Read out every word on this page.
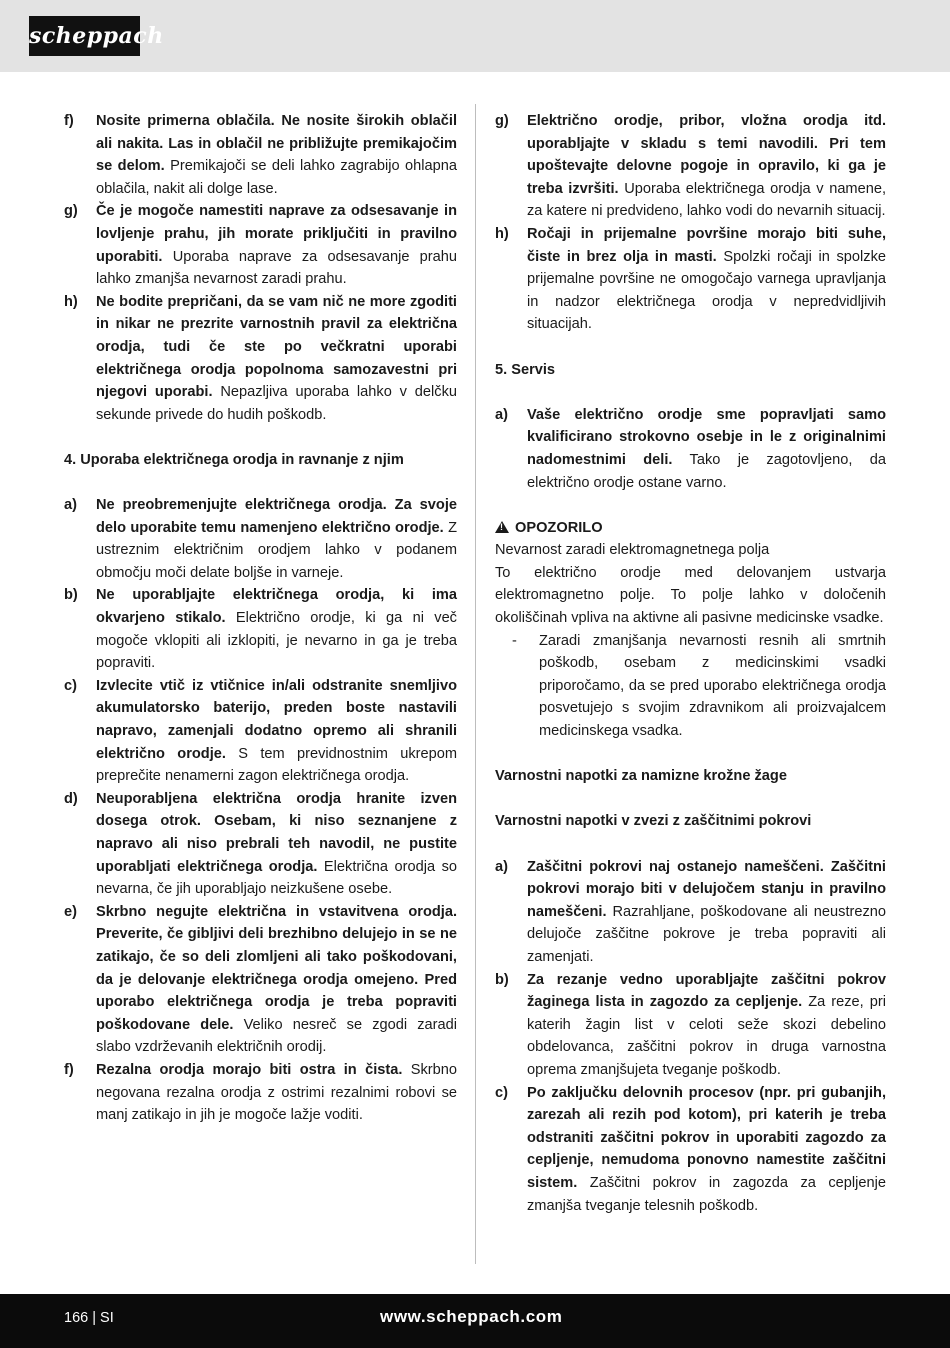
scheppach
f)	Nosite primerna oblačila. Ne nosite širokih oblačil ali nakita. Las in oblačil ne približujte premikajočim se delom. Premikajoči se deli lahko zagrabijo ohlapna oblačila, nakit ali dolge lase.
g)	Če je mogoče namestiti naprave za odsesavanje in lovljenje prahu, jih morate priključiti in pravilno uporabiti. Uporaba naprave za odsesavanje prahu lahko zmanjša nevarnost zaradi prahu.
h)	Ne bodite prepričani, da se vam nič ne more zgoditi in nikar ne prezrite varnostnih pravil za električna orodja, tudi če ste po večkratni uporabi električnega orodja popolnoma samozavestni pri njegovi uporabi. Nepazljiva uporaba lahko v delčku sekunde privede do hudih poškodb.
4. Uporaba električnega orodja in ravnanje z njim
a)	Ne preobremenjujte električnega orodja. Za svoje delo uporabite temu namenjeno električno orodje. Z ustreznim električnim orodjem lahko v podanem območju moči delate boljše in varneje.
b)	Ne uporabljajte električnega orodja, ki ima okvarjeno stikalo. Električno orodje, ki ga ni več mogoče vklopiti ali izklopiti, je nevarno in ga je treba popraviti.
c)	Izvlecite vtič iz vtičnice in/ali odstranite snemljivo akumulatorsko baterijo, preden boste nastavili napravo, zamenjali dodatno opremo ali shranili električno orodje. S tem previdnostnim ukrepom preprečite nenamerni zagon električnega orodja.
d)	Neuporabljena električna orodja hranite izven dosega otrok. Osebam, ki niso seznanjene z napravo ali niso prebrali teh navodil, ne pustite uporabljati električnega orodja. Električna orodja so nevarna, če jih uporabljajo neizkušene osebe.
e)	Skrbno negujte električna in vstavitvena orodja. Preverite, če gibljivi deli brezhibno delujejo in se ne zatikajo, če so deli zlomljeni ali tako poškodovani, da je delovanje električnega orodja omejeno. Pred uporabo električnega orodja je treba popraviti poškodovane dele. Veliko nesreč se zgodi zaradi slabo vzdrževanih električnih orodij.
f)	Rezalna orodja morajo biti ostra in čista. Skrbno negovana rezalna orodja z ostrimi rezalnimi robovi se manj zatikajo in jih je mogoče lažje voditi.
g)	Električno orodje, pribor, vložna orodja itd. uporabljajte v skladu s temi navodili. Pri tem upoštevajte delovne pogoje in opravilo, ki ga je treba izvršiti. Uporaba električnega orodja v namene, za katere ni predvideno, lahko vodi do nevarnih situacij.
h)	Ročaji in prijemalne površine morajo biti suhe, čiste in brez olja in masti. Spolzki ročaji in spolzke prijemalne površine ne omogočajo varnega upravljanja in nadzor električnega orodja v nepredvidljivih situacijah.
5. Servis
a)	Vaše električno orodje sme popravljati samo kvalificirano strokovno osebje in le z originalnimi nadomestnimi deli. Tako je zagotovljeno, da električno orodje ostane varno.
!OPOZORILO
Nevarnost zaradi elektromagnetnega polja
To električno orodje med delovanjem ustvarja elektromagnetno polje. To polje lahko v določenih okoliščinah vpliva na aktivne ali pasivne medicinske vsadke.
-	Zaradi zmanjšanja nevarnosti resnih ali smrtnih poškodb, osebam z medicinskimi vsadki priporočamo, da se pred uporabo električnega orodja posvetujejo s svojim zdravnikom ali proizvajalcem medicinskega vsadka.
Varnostni napotki za namizne krožne žage
Varnostni napotki v zvezi z zaščitnimi pokrovi
a)	Zaščitni pokrovi naj ostanejo nameščeni. Zaščitni pokrovi morajo biti v delujočem stanju in pravilno nameščeni. Razrahljane, poškodovane ali neustrezno delujoče zaščitne pokrove je treba popraviti ali zamenjati.
b)	Za rezanje vedno uporabljajte zaščitni pokrov žaginega lista in zagozdo za cepljenje. Za reze, pri katerih žagin list v celoti seže skozi debelino obdelovanca, zaščitni pokrov in druga varnostna oprema zmanjšujeta tveganje poškodb.
c)	Po zaključku delovnih procesov (npr. pri gubanjih, zarezah ali rezih pod kotom), pri katerih je treba odstraniti zaščitni pokrov in uporabiti zagozdo za cepljenje, nemudoma ponovno namestite zaščitni sistem. Zaščitni pokrov in zagozda za cepljenje zmanjša tveganje telesnih poškodb.
166 | SI	www.scheppach.com
